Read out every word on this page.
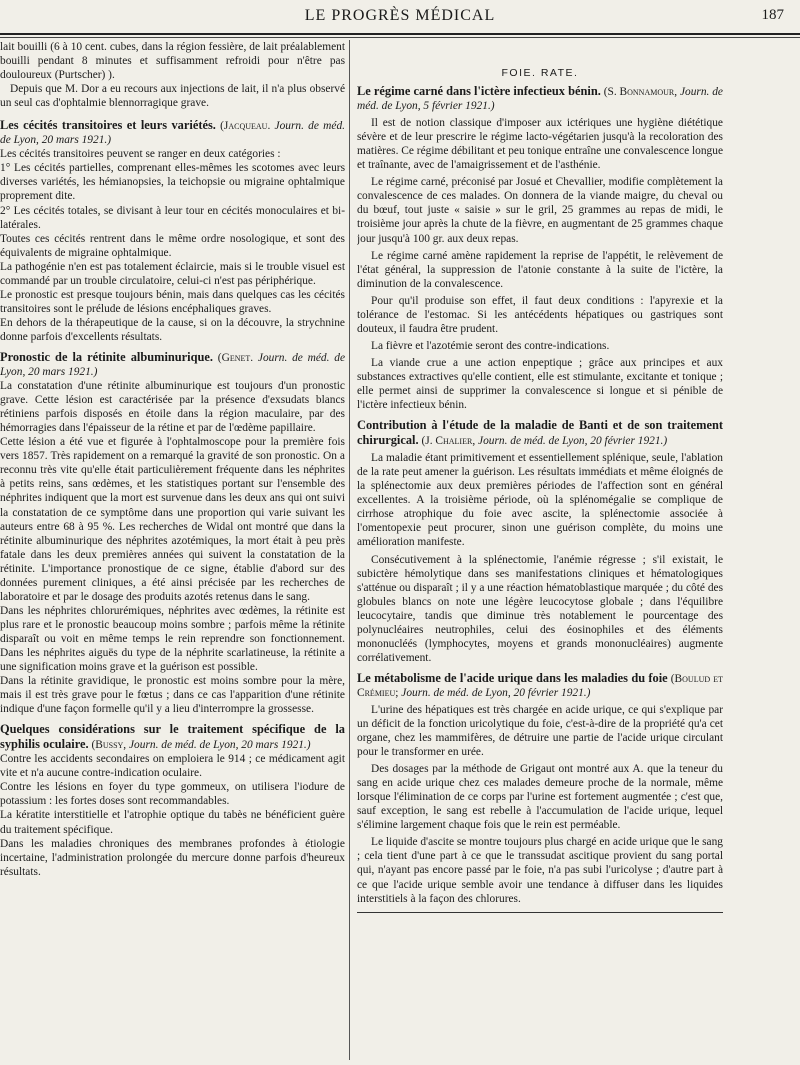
LE PROGRÈS MÉDICAL	187

lait bouilli (6 à 10 cent. cubes, dans la région fessière, de lait préalablement bouilli pendant 8 minutes et suffisamment refroidi pour n'être pas douloureux (Purtscher) ).

Depuis que M. Dor a eu recours aux injections de lait, il n'a plus observé un seul cas d'ophtalmie blennorragique grave.

Les cécités transitoires et leurs variétés. (Jacqueau. Journ. de méd. de Lyon, 20 mars 1921.)

Les cécités transitoires peuvent se ranger en deux catégories :

1° Les cécités partielles, comprenant elles-mêmes les scotomes avec leurs diverses variétés, les hémianopsies, la teichopsie ou migraine ophtalmique proprement dite.

2° Les cécités totales, se divisant à leur tour en cécités monoculaires et bi-latérales.

Toutes ces cécités rentrent dans le même ordre nosologique, et sont des équivalents de migraine ophtalmique.

La pathogénie n'en est pas totalement éclaircie, mais si le trouble visuel est commandé par un trouble circulatoire, celui-ci n'est pas périphérique.

Le pronostic est presque toujours bénin, mais dans quelques cas les cécités transitoires sont le prélude de lésions encéphaliques graves.

En dehors de la thérapeutique de la cause, si on la découvre, la strychnine donne parfois d'excellents résultats.

Pronostic de la rétinite albuminurique. (Genet. Journ. de méd. de Lyon, 20 mars 1921.)

La constatation d'une rétinite albuminurique est toujours d'un pronostic grave. Cette lésion est caractérisée par la présence d'exsudats blancs rétiniens parfois disposés en étoile dans la région maculaire, par des hémorragies dans l'épaisseur de la rétine et par de l'œdème papillaire.

Cette lésion a été vue et figurée à l'ophtalmoscope pour la première fois vers 1857. Très rapidement on a remarqué la gravité de son pronostic. On a reconnu très vite qu'elle était particulièrement fréquente dans les néphrites à petits reins, sans œdèmes, et les statistiques portant sur l'ensemble des néphrites indiquent que la mort est survenue dans les deux ans qui ont suivi la constatation de ce symptôme dans une proportion qui varie suivant les auteurs entre 68 à 95 %. Les recherches de Widal ont montré que dans la rétinite albuminurique des néphrites azotémiques, la mort était à peu près fatale dans les deux premières années qui suivent la constatation de la rétinite. L'importance pronostique de ce signe, établie d'abord sur des données purement cliniques, a été ainsi précisée par les recherches de laboratoire et par le dosage des produits azotés retenus dans le sang.

Dans les néphrites chlorurémiques, néphrites avec œdèmes, la rétinite est plus rare et le pronostic beaucoup moins sombre ; parfois même la rétinite disparaît ou voit en même temps le rein reprendre son fonctionnement. Dans les néphrites aiguës du type de la néphrite scarlatineuse, la rétinite a une signification moins grave et la guérison est possible.

Dans la rétinite gravidique, le pronostic est moins sombre pour la mère, mais il est très grave pour le fœtus ; dans ce cas l'apparition d'une rétinite indique d'une façon formelle qu'il y a lieu d'interrompre la grossesse.

Quelques considérations sur le traitement spécifique de la syphilis oculaire. (Bussy, Journ. de méd. de Lyon, 20 mars 1921.)

Contre les accidents secondaires on emploiera le 914 ; ce médicament agit vite et n'a aucune contre-indication oculaire.

Contre les lésions en foyer du type gommeux, on utilisera l'iodure de potassium : les fortes doses sont recommandables.

La kératite interstitielle et l'atrophie optique du tabès ne bénéficient guère du traitement spécifique.

Dans les maladies chroniques des membranes profondes à étiologie incertaine, l'administration prolongée du mercure donne parfois d'heureux résultats.

FOIE. RATE.

Le régime carné dans l'ictère infectieux bénin. (S. Bonnamour, Journ. de méd. de Lyon, 5 février 1921.)

Il est de notion classique d'imposer aux ictériques une hygiène diététique sévère et de leur prescrire le régime lacto-végétarien jusqu'à la recoloration des matières. Ce régime débilitant et peu tonique entraîne une convalescence longue et traînante, avec de l'amaigrissement et de l'asthénie.

Le régime carné, préconisé par Josué et Chevallier, modifie complètement la convalescence de ces malades. On donnera de la viande maigre, du cheval ou du bœuf, tout juste « saisie » sur le gril, 25 grammes au repas de midi, le troisième jour après la chute de la fièvre, en augmentant de 25 grammes chaque jour jusqu'à 100 gr. aux deux repas.

Le régime carné amène rapidement la reprise de l'appétit, le relèvement de l'état général, la suppression de l'atonie constante à la suite de l'ictère, la diminution de la convalescence.

Pour qu'il produise son effet, il faut deux conditions : l'apyrexie et la tolérance de l'estomac. Si les antécédents hépatiques ou gastriques sont douteux, il faudra être prudent.

La fièvre et l'azotémie seront des contre-indications.

La viande crue a une action enpeptique ; grâce aux principes et aux substances extractives qu'elle contient, elle est stimulante, excitante et tonique ; elle permet ainsi de supprimer la convalescence si longue et si pénible de l'ictère infectieux bénin.

Contribution à l'étude de la maladie de Banti et de son traitement chirurgical. (J. Chalier, Journ. de méd. de Lyon, 20 février 1921.)

La maladie étant primitivement et essentiellement splénique, seule, l'ablation de la rate peut amener la guérison. Les résultats immédiats et même éloignés de la splénectomie aux deux premières périodes de l'affection sont en général excellentes. A la troisième période, où la splénomégalie se complique de cirrhose atrophique du foie avec ascite, la splénectomie associée à l'omentopexie peut procurer, sinon une guérison complète, du moins une amélioration manifeste.

Consécutivement à la splénectomie, l'anémie régresse ; s'il existait, le subictère hémolytique dans ses manifestations cliniques et hématologiques s'atténue ou disparaît ; il y a une réaction hématoblastique marquée ; du côté des globules blancs on note une légère leucocytose globale ; dans l'équilibre leucocytaire, tandis que diminue très notablement le pourcentage des polynucléaires neutrophiles, celui des éosinophiles et des éléments mononucléés (lymphocytes, moyens et grands mononucléaires) augmente corrélativement.

Le métabolisme de l'acide urique dans les maladies du foie (Boulud et Crémieu; Journ. de méd. de Lyon, 20 février 1921.)

L'urine des hépatiques est très chargée en acide urique, ce qui s'explique par un déficit de la fonction uricolytique du foie, c'est-à-dire de la propriété qu'a cet organe, chez les mammifères, de détruire une partie de l'acide urique circulant pour le transformer en urée.

Des dosages par la méthode de Grigaut ont montré aux A. que la teneur du sang en acide urique chez ces malades demeure proche de la normale, même lorsque l'élimination de ce corps par l'urine est fortement augmentée ; c'est que, sauf exception, le sang est rebelle à l'accumulation de l'acide urique, lequel s'élimine largement chaque fois que le rein est perméable.

Le liquide d'ascite se montre toujours plus chargé en acide urique que le sang ; cela tient d'une part à ce que le transsudat ascitique provient du sang portal qui, n'ayant pas encore passé par le foie, n'a pas subi l'uricolyse ; d'autre part à ce que l'acide urique semble avoir une tendance à diffuser dans les liquides interstitiels à la façon des chlorures.
